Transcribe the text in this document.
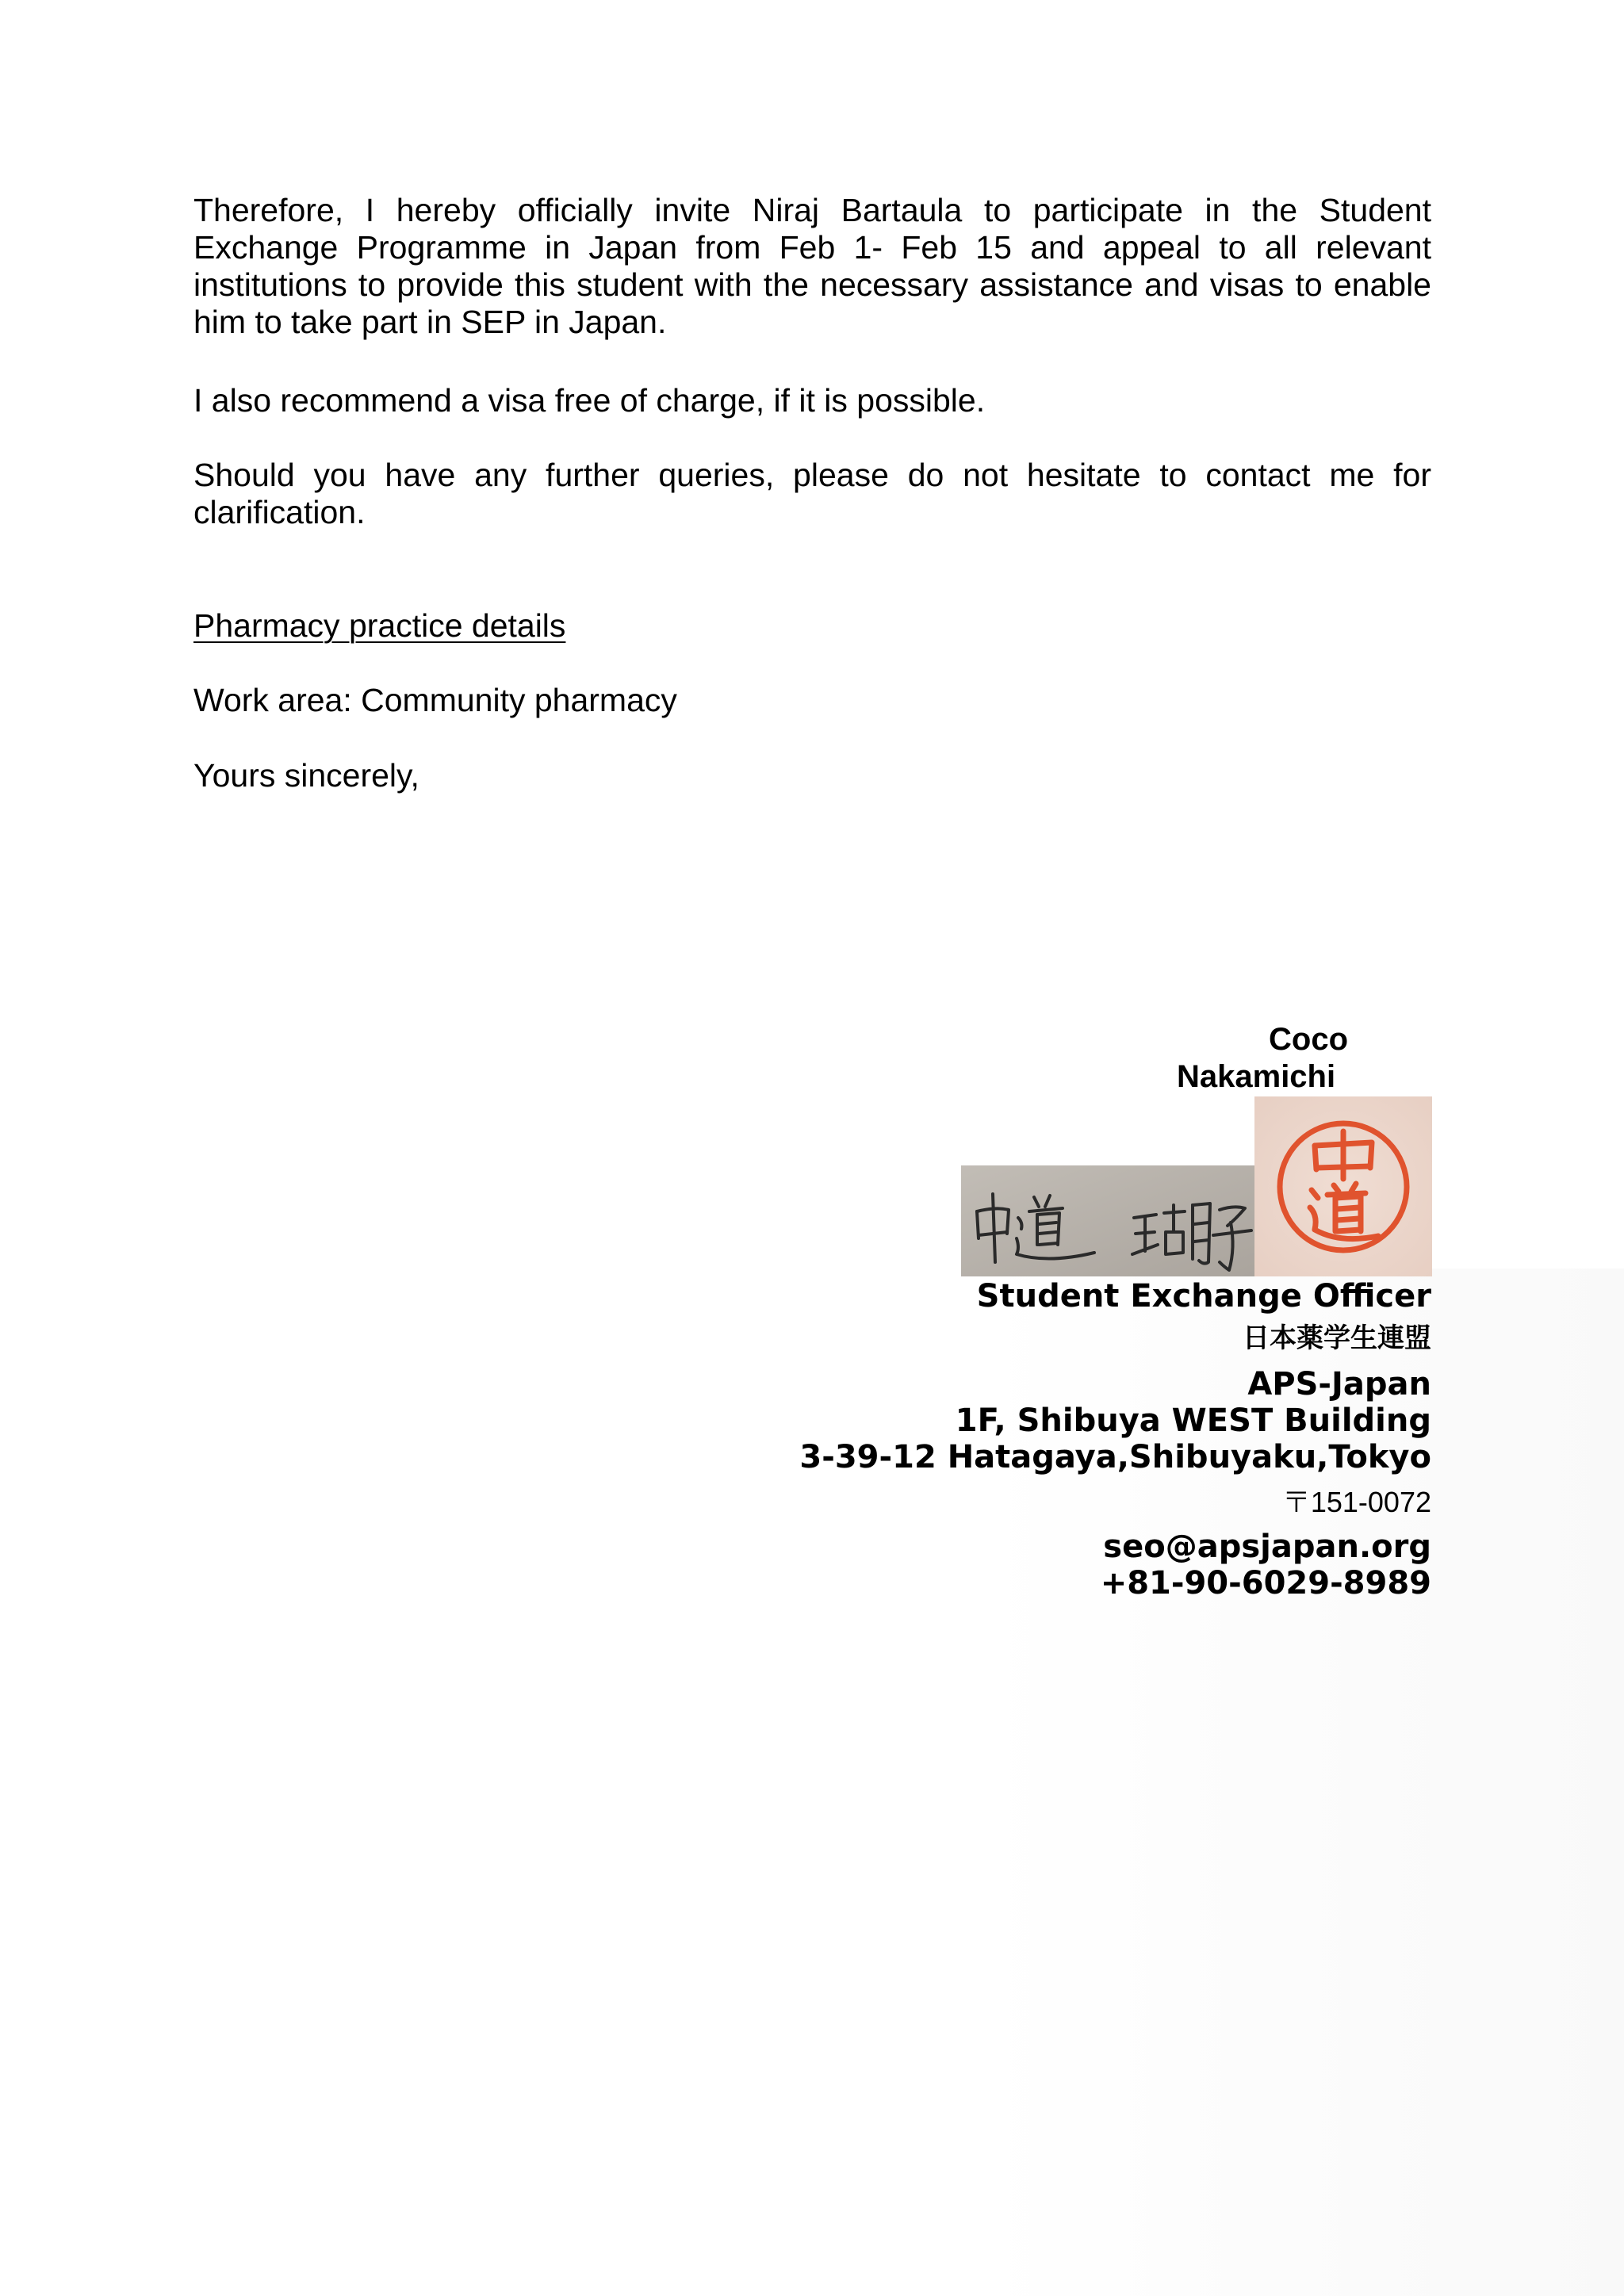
Therefore, I hereby officially invite Niraj Bartaula to participate in the Student Exchange Programme in Japan from Feb 1- Feb 15 and appeal to all relevant institutions to provide this student with the necessary assistance and visas to enable him to take part in SEP in Japan.
I also recommend a visa free of charge, if it is possible.
Should you have any further queries, please do not hesitate to contact me for clarification.
Pharmacy practice details
Work area: Community pharmacy
Yours sincerely,
Coco
Nakamichi
Student Exchange Officer
日本薬学生連盟
APS-Japan
1F, Shibuya WEST Building
3-39-12 Hatagaya,Shibuyaku,Tokyo
〒151-0072
seo@apsjapan.org
+81-90-6029-8989
